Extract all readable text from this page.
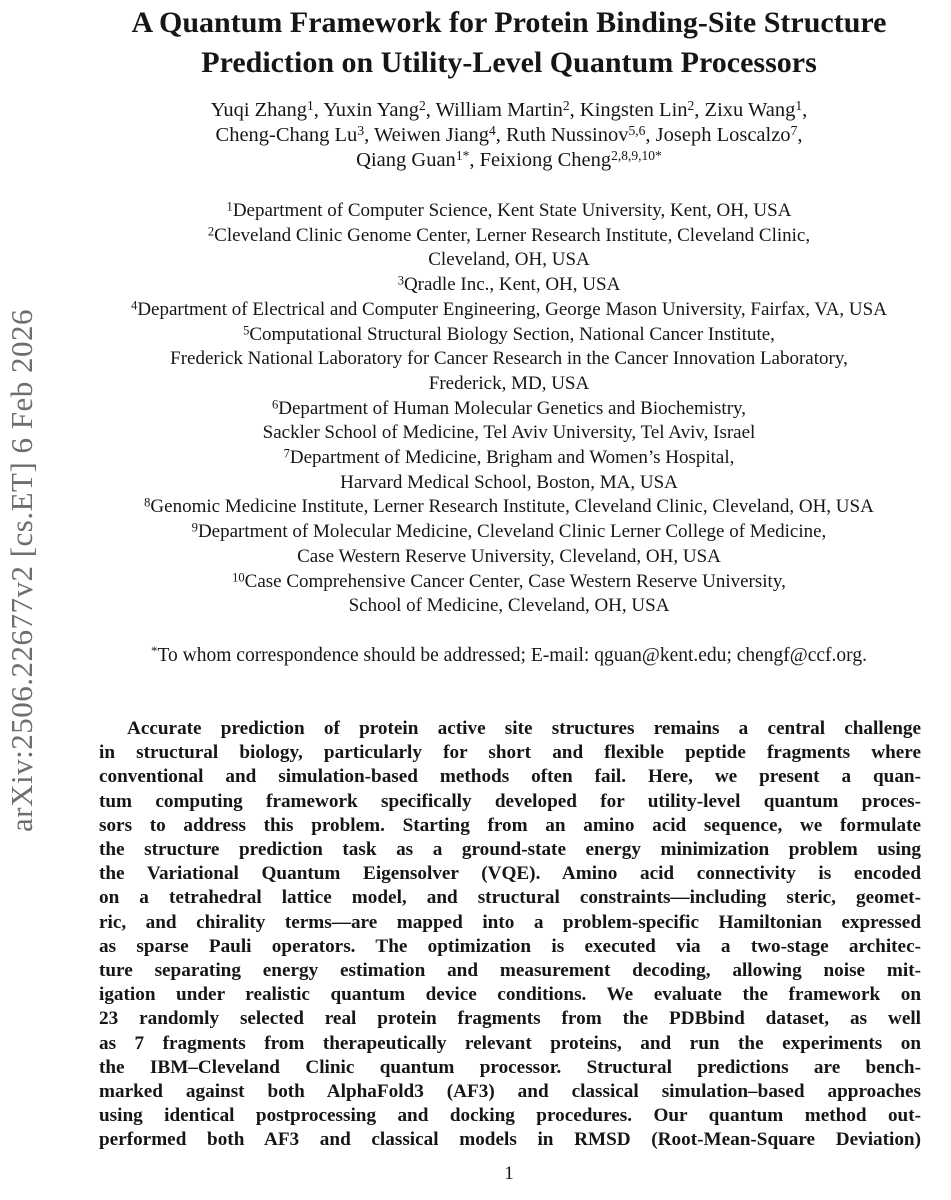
arXiv:2506.22677v2 [cs.ET] 6 Feb 2026
A Quantum Framework for Protein Binding-Site Structure
Prediction on Utility-Level Quantum Processors
Yuqi Zhang$^1$, Yuxin Yang$^2$, William Martin$^2$, Kingsten Lin$^2$, Zixu Wang$^1$,
Cheng-Chang Lu$^3$, Weiwen Jiang$^4$, Ruth Nussinov$^{5,6}$, Joseph Loscalzo$^7$,
Qiang Guan$^{1*}$, Feixiong Cheng$^{2,8,9,10*}$
$^1$Department of Computer Science, Kent State University, Kent, OH, USA
$^2$Cleveland Clinic Genome Center, Lerner Research Institute, Cleveland Clinic,
Cleveland, OH, USA
$^3$Qradle Inc., Kent, OH, USA
$^4$Department of Electrical and Computer Engineering, George Mason University, Fairfax, VA, USA
$^5$Computational Structural Biology Section, National Cancer Institute,
Frederick National Laboratory for Cancer Research in the Cancer Innovation Laboratory,
Frederick, MD, USA
$^6$Department of Human Molecular Genetics and Biochemistry,
Sackler School of Medicine, Tel Aviv University, Tel Aviv, Israel
$^7$Department of Medicine, Brigham and Women’s Hospital,
Harvard Medical School, Boston, MA, USA
$^8$Genomic Medicine Institute, Lerner Research Institute, Cleveland Clinic, Cleveland, OH, USA
$^9$Department of Molecular Medicine, Cleveland Clinic Lerner College of Medicine,
Case Western Reserve University, Cleveland, OH, USA
$^{10}$Case Comprehensive Cancer Center, Case Western Reserve University,
School of Medicine, Cleveland, OH, USA
*To whom correspondence should be addressed; E-mail: qguan@kent.edu; chengf@ccf.org.
Accurate prediction of protein active site structures remains a central challenge
in structural biology, particularly for short and flexible peptide fragments where
conventional and simulation-based methods often fail. Here, we present a quan-
tum computing framework specifically developed for utility-level quantum proces-
sors to address this problem. Starting from an amino acid sequence, we formulate
the structure prediction task as a ground-state energy minimization problem using
the Variational Quantum Eigensolver (VQE). Amino acid connectivity is encoded
on a tetrahedral lattice model, and structural constraints—including steric, geomet-
ric, and chirality terms—are mapped into a problem-specific Hamiltonian expressed
as sparse Pauli operators. The optimization is executed via a two-stage architec-
ture separating energy estimation and measurement decoding, allowing noise mit-
igation under realistic quantum device conditions. We evaluate the framework on
23 randomly selected real protein fragments from the PDBbind dataset, as well
as 7 fragments from therapeutically relevant proteins, and run the experiments on
the IBM–Cleveland Clinic quantum processor. Structural predictions are bench-
marked against both AlphaFold3 (AF3) and classical simulation–based approaches
using identical postprocessing and docking procedures. Our quantum method out-
performed both AF3 and classical models in RMSD (Root-Mean-Square Deviation)
1
